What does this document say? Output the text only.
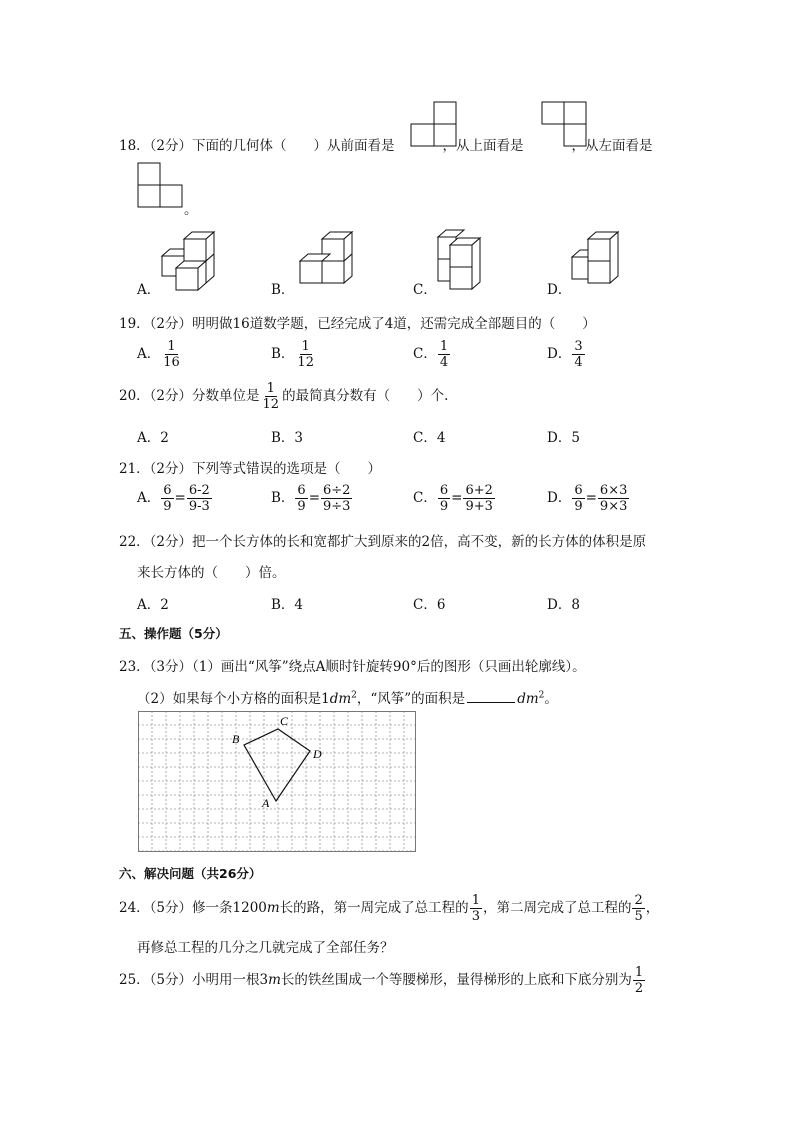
18．（2分）下面的几何体（　　）从前面看是	，从上面看是	，从左面看是
。
A．	B．	C．	D．
19．（2分）明明做16道数学题，已经完成了4道，还需完成全部题目的（　　）
A． $\frac{1}{16}$	B． $\frac{1}{12}$	C． $\frac{1}{4}$	D． $\frac{3}{4}$
20．（2分）分数单位是 $\frac{1}{12}$ 的最简真分数有（　　）个.
A．2	B．3	C．4	D．5
21．（2分）下列等式错误的选项是（　　）
A． $\frac{6}{9} = \frac{6-2}{9-3}$	B． $\frac{6}{9} = \frac{6\div 2}{9\div 3}$	C． $\frac{6}{9} = \frac{6+2}{9+3}$	D． $\frac{6}{9} = \frac{6\times 3}{9\times 3}$
22．（2分）把一个长方体的长和宽都扩大到原来的2倍，高不变，新的长方体的体积是原
来长方体的（　　）倍。
A．2	B．4	C．6	D．8
五、操作题（5分）
23．（3分）（1）画出“风筝”绕点A顺时针旋转90°后的图形（只画出轮廓线）。
（2）如果每个小方格的面积是$1dm^2$，“风筝”的面积是	$dm^2$。
A
B
C
D
六、解决问题（共26分）
24．（5分）修一条1200m长的路，第一周完成了总工程的 $\frac{1}{3}$ ，第二周完成了总工程的 $\frac{2}{5}$ ，
再修总工程的几分之几就完成了全部任务？
25．（5分）小明用一根3m长的铁丝围成一个等腰梯形，量得梯形的上底和下底分别为 $\frac{1}{2}$
